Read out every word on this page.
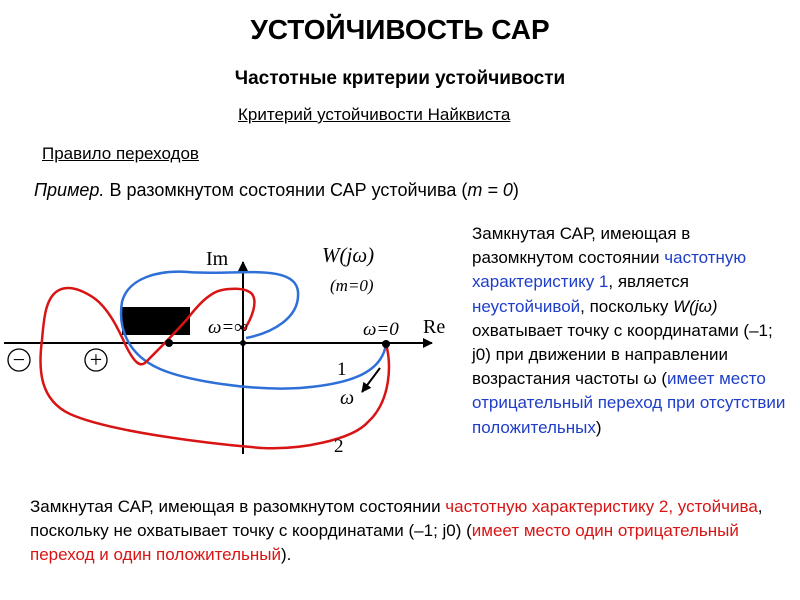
УСТОЙЧИВОСТЬ САР
Частотные критерии устойчивости
Критерий устойчивости Найквиста
Правило переходов
Пример. В разомкнутом состоянии САР устойчива (m = 0)
−	+
Im
Re
W(jω)
(m=0)
ω=∞	ω=0
1
ω
2
Замкнутая САР, имеющая в разомкнутом состоянии частотную характеристику 1, является неустойчивой, поскольку W(jω) охватывает точку с координатами (–1; j0) при движении в направлении возрастания частоты ω (имеет место отрицательный переход при отсутствии положительных)
Замкнутая САР, имеющая в разомкнутом состоянии частотную характеристику 2, устойчива, поскольку не охватывает точку с координатами (–1; j0) (имеет место один отрицательный переход и один положительный).
